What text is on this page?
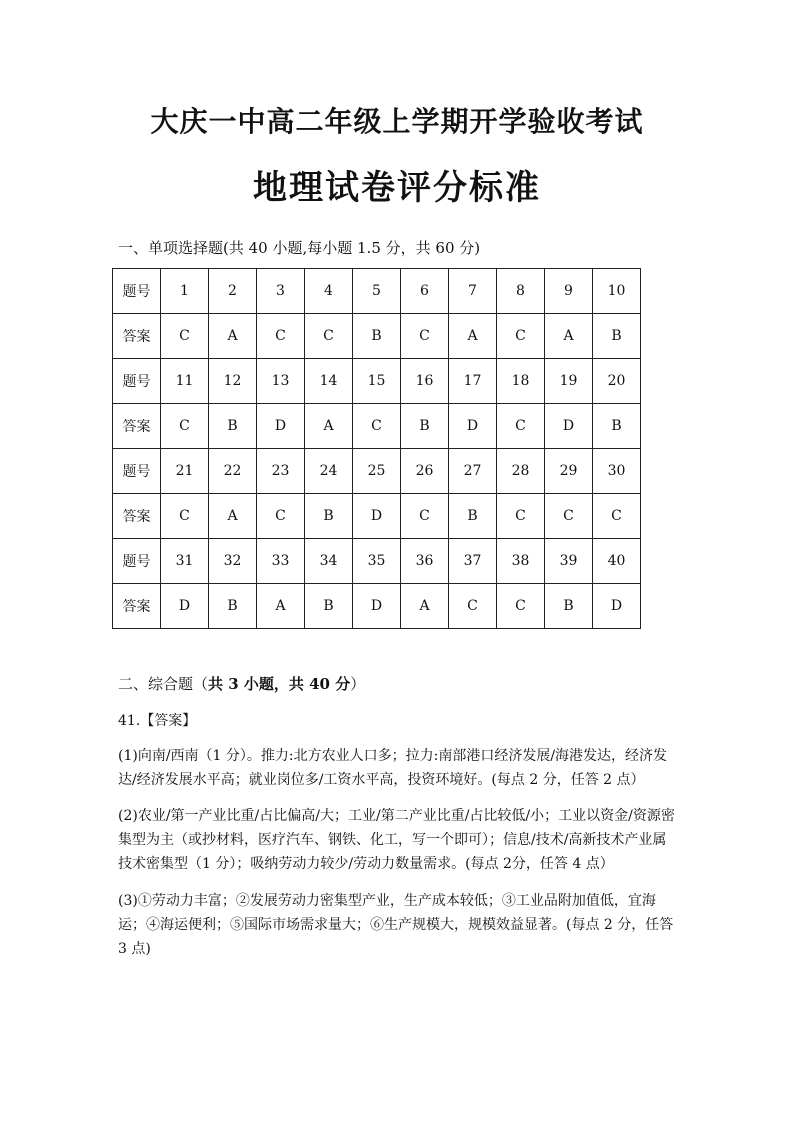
大庆一中高二年级上学期开学验收考试
地理试卷评分标准
一、单项选择题(共 40 小题,每小题 1.5 分，共 60 分)
题号	1	2	3	4	5	6	7	8	9	10
答案	C	A	C	C	B	C	A	C	A	B
题号	11	12	13	14	15	16	17	18	19	20
答案	C	B	D	A	C	B	D	C	D	B
题号	21	22	23	24	25	26	27	28	29	30
答案	C	A	C	B	D	C	B	C	C	C
题号	31	32	33	34	35	36	37	38	39	40
答案	D	B	A	B	D	A	C	C	B	D
二、综合题（共 3 小题，共 40 分）
41.【答案】
(1)向南/西南（1 分）。推力:北方农业人口多；拉力:南部港口经济发展/海港发达，经济发达/经济发展水平高；就业岗位多/工资水平高，投资环境好。(每点 2 分，任答 2 点）
(2)农业/第一产业比重/占比偏高/大；工业/第二产业比重/占比较低/小；工业以资金/资源密集型为主（或抄材料，医疗汽车、钢铁、化工，写一个即可）；信息/技术/高新技术产业属技术密集型（1 分）；吸纳劳动力较少/劳动力数量需求。(每点 2分，任答 4 点）
(3)①劳动力丰富；②发展劳动力密集型产业，生产成本较低；③工业品附加值低，宜海运；④海运便利；⑤国际市场需求量大；⑥生产规模大，规模效益显著。(每点 2 分，任答 3 点)
